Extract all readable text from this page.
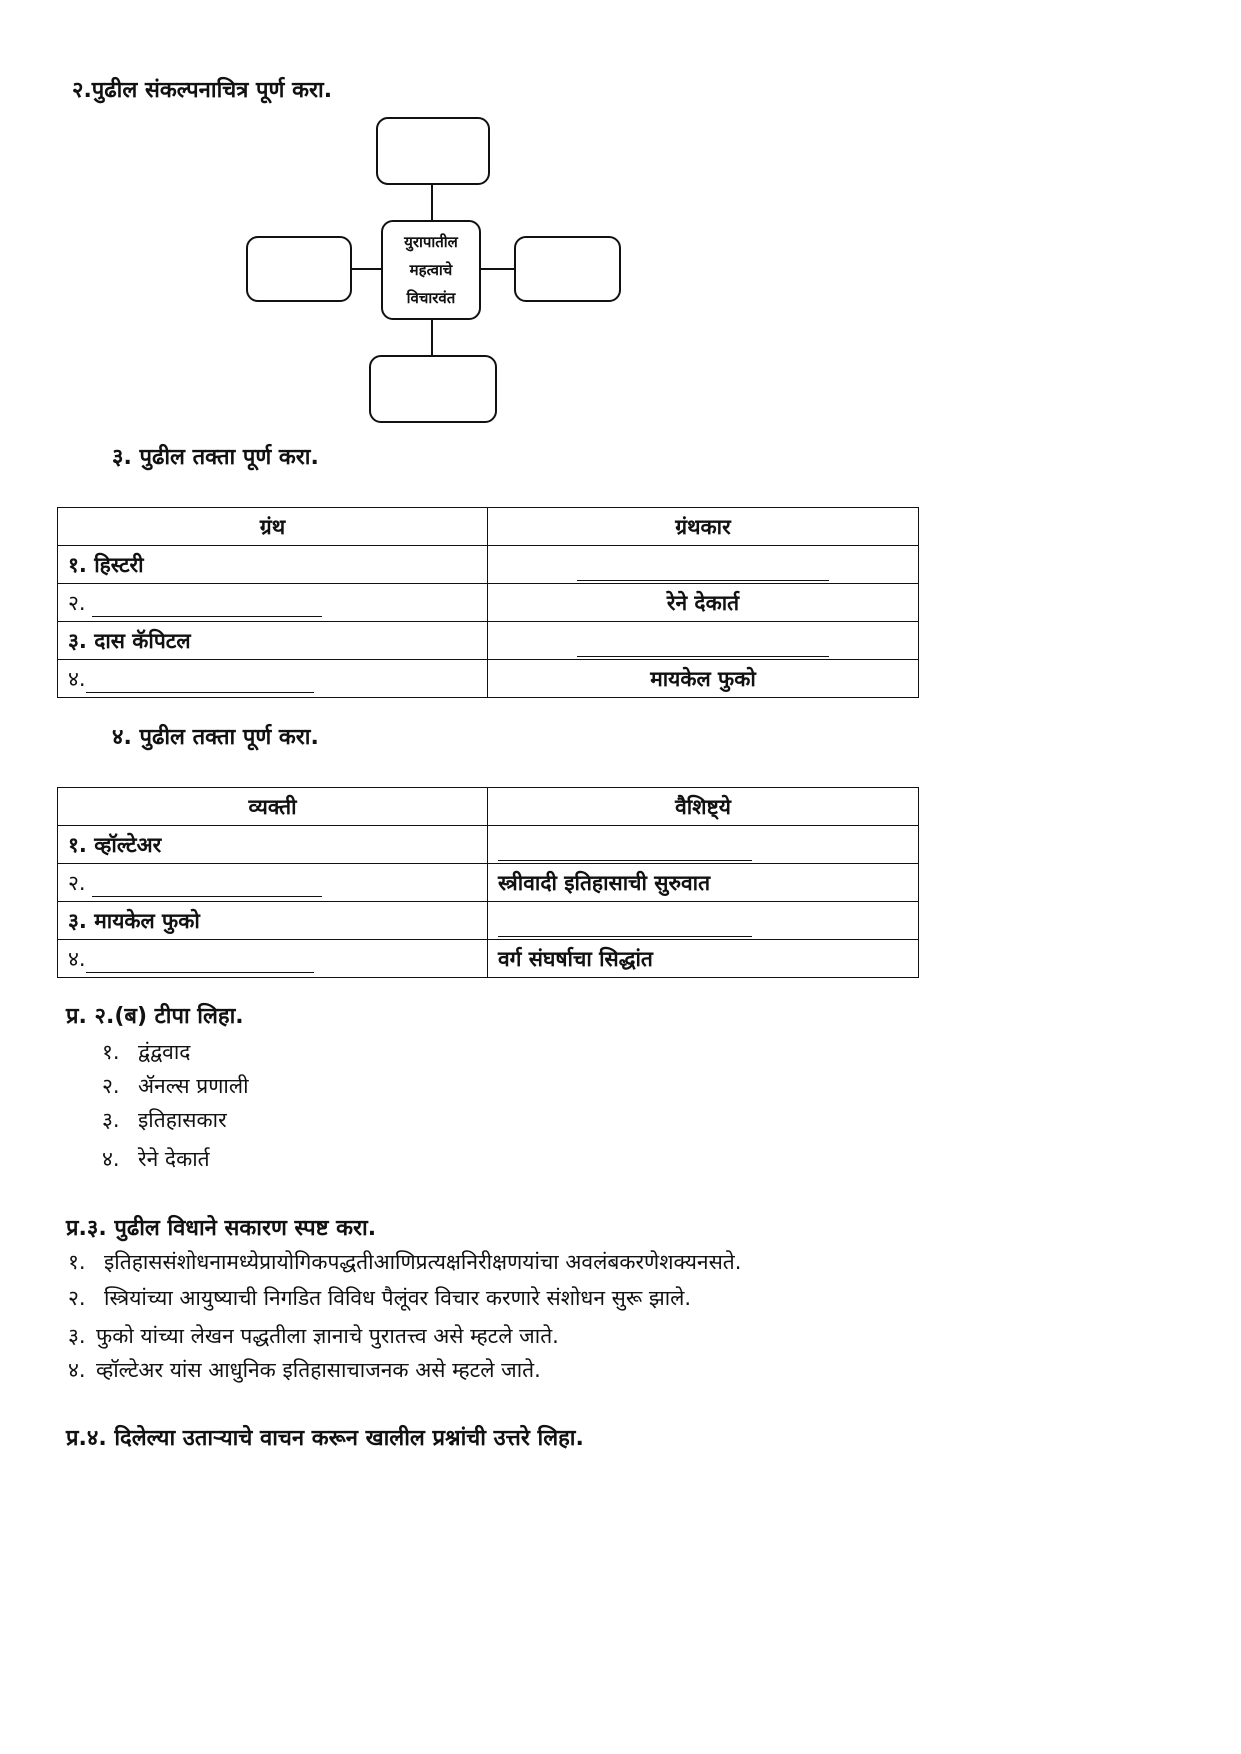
२.पुढील संकल्पनाचित्र पूर्ण करा.
युरापातील
महत्वाचे
विचारवंत
३. पुढील तक्ता पूर्ण करा.
ग्रंथ	ग्रंथकार
१. हिस्टरी	
२.	रेने देकार्त
३. दास कॅपिटल	
४.	मायकेल फुको
४. पुढील तक्ता पूर्ण करा.
व्यक्ती	वैशिष्ट्ये
१. व्हॉल्टेअर	
२.	स्त्रीवादी इतिहासाची सुरुवात
३. मायकेल फुको	
४.	वर्ग संघर्षाचा सिद्धांत
प्र. २.(ब) टीपा लिहा.
१. द्वंद्ववाद
२. ॲनल्स प्रणाली
३. इतिहासकार
४. रेने देकार्त
प्र.३. पुढील विधाने सकारण स्पष्ट करा.
१. इतिहाससंशोधनामध्येप्रायोगिकपद्धतीआणिप्रत्यक्षनिरीक्षणयांचा अवलंबकरणेशक्यनसते.
२. स्त्रियांच्या आयुष्याची निगडित विविध पैलूंवर विचार करणारे संशोधन सुरू झाले.
३. फुको यांच्या लेखन पद्धतीला ज्ञानाचे पुरातत्त्व असे म्हटले जाते.
४. व्हॉल्टेअर यांस आधुनिक इतिहासाचाजनक असे म्हटले जाते.
प्र.४. दिलेल्या उताऱ्याचे वाचन करून खालील प्रश्नांची उत्तरे लिहा.
